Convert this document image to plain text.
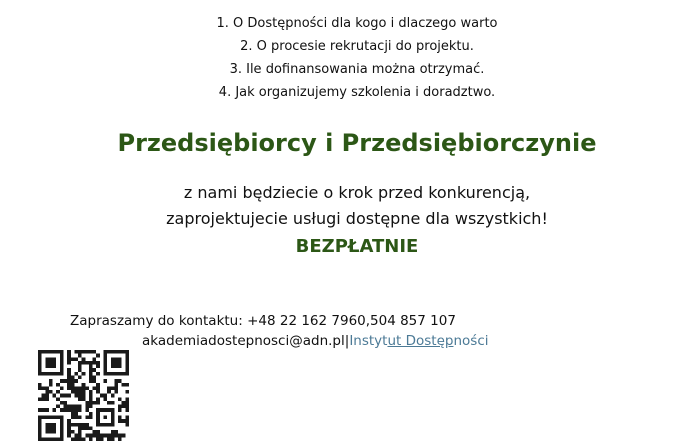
1. O Dostępności dla kogo i dlaczego warto
2. O procesie rekrutacji do projektu.
3. Ile dofinansowania można otrzymać.
4. Jak organizujemy szkolenia i doradztwo.
Przedsiębiorcy i Przedsiębiorczynie
z nami będziecie o krok przed konkurencją,
zaprojektujecie usługi dostępne dla wszystkich!
BEZPŁATNIE
Zapraszamy do kontaktu: +48 22 162 7960,504 857 107
akademiadostepnosci@adn.pl|Instytut Dostępności
